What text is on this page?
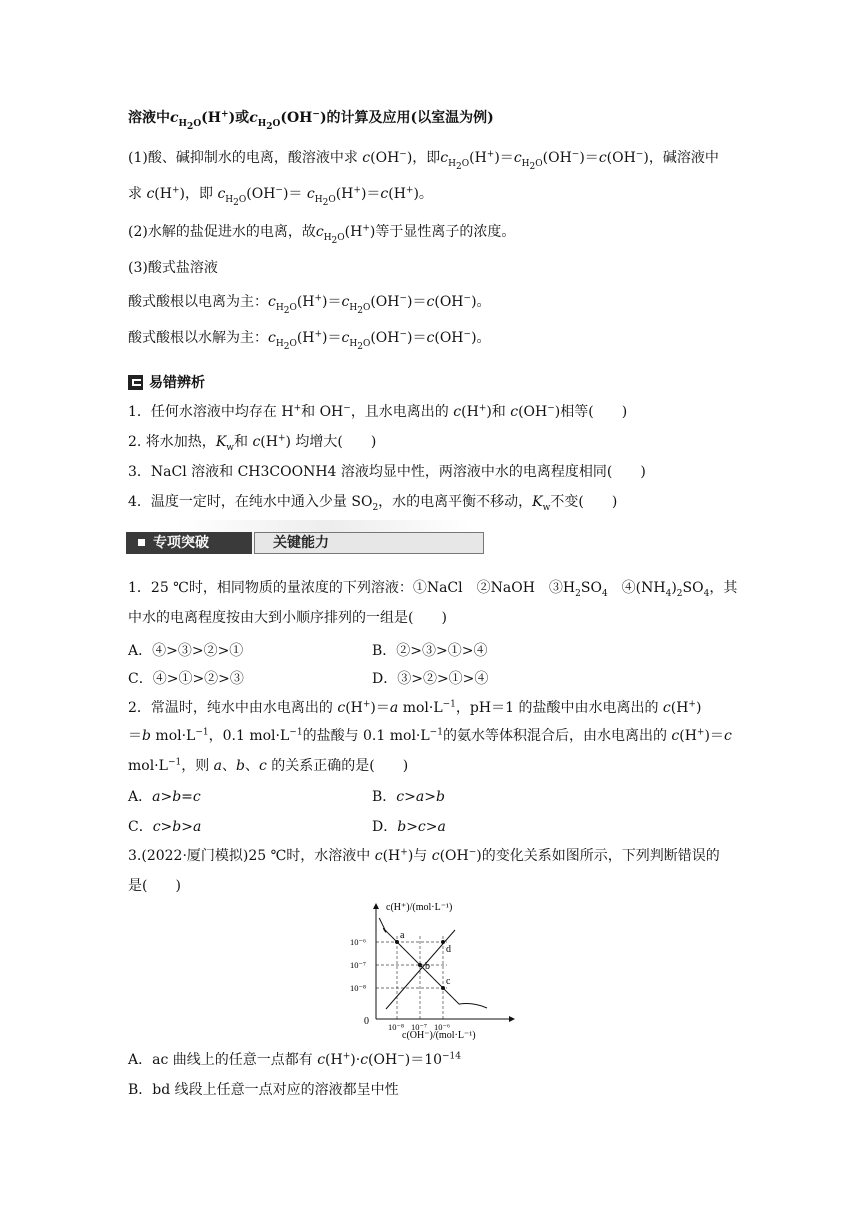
溶液中$c_{H_2O}(H^+)$或$c_{H_2O}(OH^-)$的计算及应用(以室温为例)
(1)酸、碱抑制水的电离，酸溶液中求 c(OH−)，即$c_{H_2O}(H^+)=c_{H_2O}(OH^-)=c(OH^-)$，碱溶液中
求 c(H+)，即 $c_{H_2O}(OH^-)= c_{H_2O}(H^+)=c(H^+)$。
(2)水解的盐促进水的电离，故$c_{H_2O}(H^+)$等于显性离子的浓度。
(3)酸式盐溶液
酸式酸根以电离为主：$c_{H_2O}(H^+)=c_{H_2O}(OH^-)=c(OH^-)$。
酸式酸根以水解为主：$c_{H_2O}(H^+)=c_{H_2O}(OH^-)=c(OH^-)$。
易错辨析
1．任何水溶液中均存在 H+和 OH−，且水电离出的 c(H+)和 c(OH−)相等(　　)
2. 将水加热，$K_w$和 c(H+) 均增大(　　)
3．NaCl 溶液和 CH3COONH4 溶液均显中性，两溶液中水的电离程度相同(　　)
4．温度一定时，在纯水中通入少量 $SO_2$，水的电离平衡不移动，$K_w$不变(　　)
专项突破	关键能力
1．25 ℃时，相同物质的量浓度的下列溶液：①NaCl　②NaOH　$③H_2SO_4$　$④(NH_4)_2SO_4$，其
中水的电离程度按由大到小顺序排列的一组是(　　)
A．④>③>②>①	B．②>③>①>④
C．④>①>②>③	D．③>②>①>④
2．常温时，纯水中由水电离出的 c(H+)＝a $mol\cdot L^{-1}$，pH＝1 的盐酸中由水电离出的 c(H+)
＝b $mol\cdot L^{-1}$，0.1 $mol\cdot L^{-1}$的盐酸与 0.1 $mol\cdot L^{-1}$的氨水等体积混合后，由水电离出的 c(H+)＝c
$mol\cdot L^{-1}$，则 a、b、c 的关系正确的是(　　)
A．a>b=c	B．c>a>b
C．c>b>a	D．b>c>a
3.(2022·厦门模拟)25 ℃时，水溶液中 c(H+)与 c(OH−)的变化关系如图所示，下列判断错误的
是(　　)
10⁻⁸ 10⁻⁷ 10⁻⁶
10⁻⁶
10⁻⁷
10⁻⁸
a
b
c
d
c(H⁺)/(mol·L⁻¹)
c(OH⁻)/(mol·L⁻¹)
0
A．ac 曲线上的任意一点都有 $c(H^+)\cdot c(OH^-)=10^{-14}$
B．bd 线段上任意一点对应的溶液都呈中性
